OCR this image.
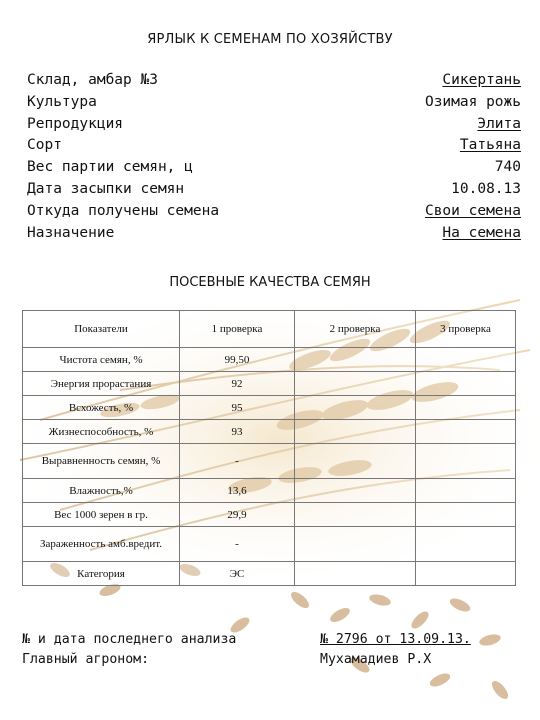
ЯРЛЫК К СЕМЕНАМ ПО ХОЗЯЙСТВУ
Склад, амбар №3	Сикертань
Культура	Озимая рожь
Репродукция	Элита
Сорт	Татьяна
Вес партии семян, ц	740
Дата засыпки семян	10.08.13
Откуда получены семена	Свои семена
Назначение	На семена
ПОСЕВНЫЕ КАЧЕСТВА СЕМЯН
Показатели	1 проверка	2 проверка	3 проверка
Чистота семян, %	99,50		
Энергия прорастания	92		
Всхожесть, %	95		
Жизнеспособность, %	93		
Выравненность семян, %	-		
Влажность,%	13,6		
Вес 1000 зерен в гр.	29,9		
Зараженность амб.вредит.	-		
Категория	ЭС		
№ и дата последнего анализа	№ 2796 от 13.09.13.
Главный агроном:	Мухамадиев Р.Х
